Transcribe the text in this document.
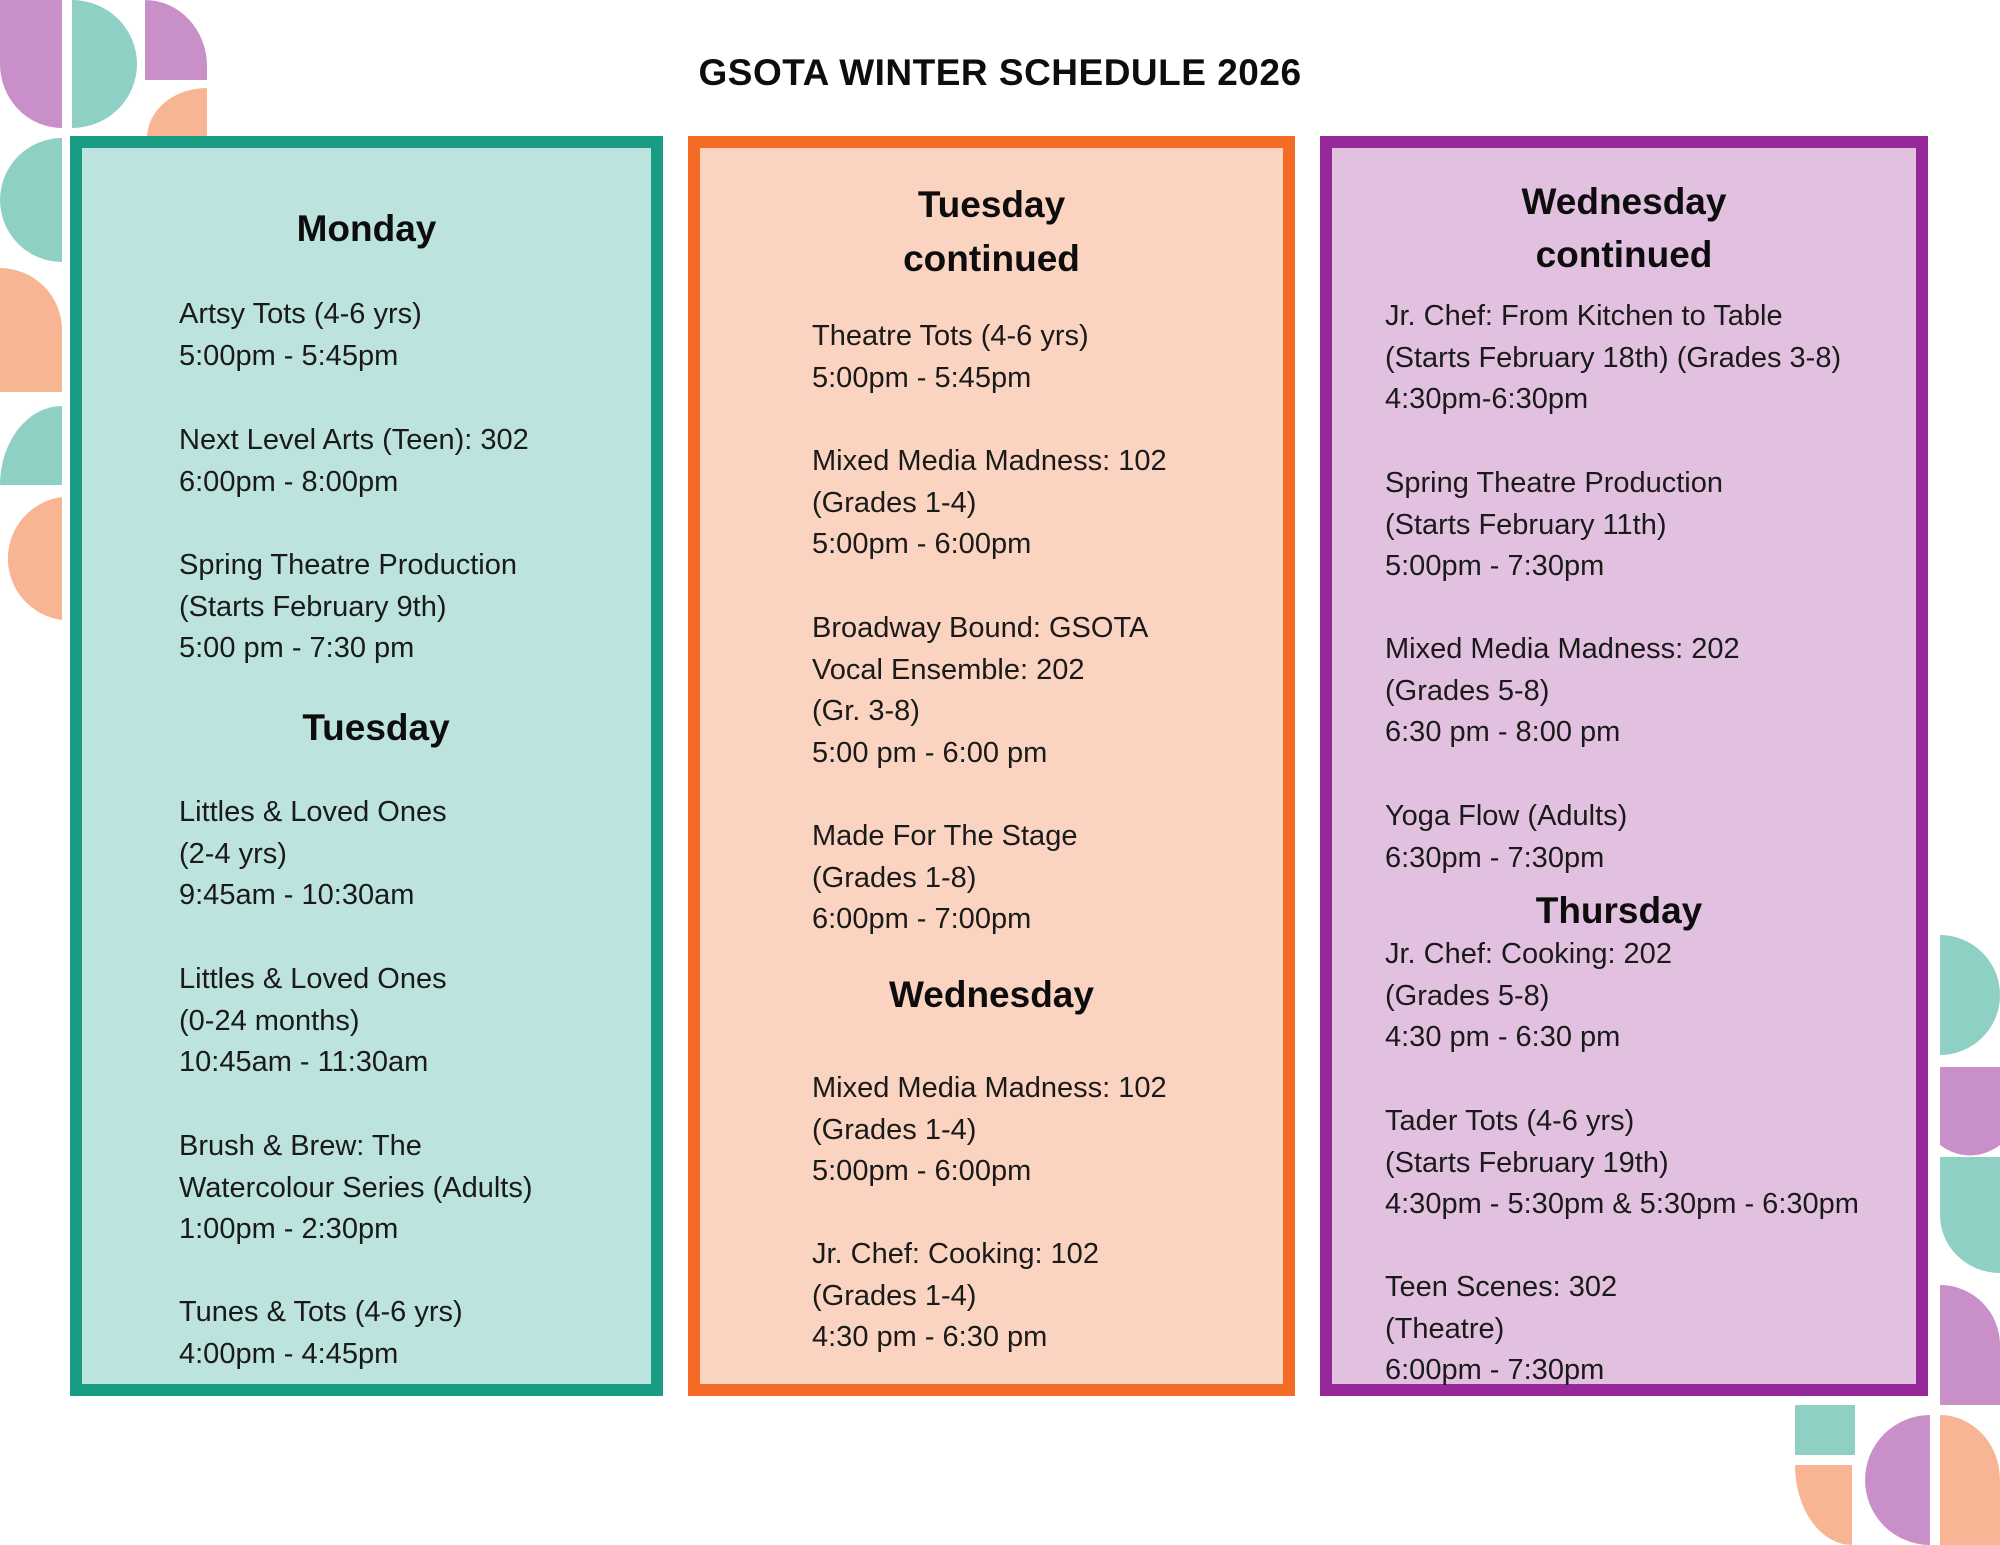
GSOTA WINTER SCHEDULE 2026

Monday

Artsy Tots (4-6 yrs)
5:00pm - 5:45pm
Next Level Arts (Teen): 302
6:00pm - 8:00pm
Spring Theatre Production
(Starts February 9th)
5:00 pm - 7:30 pm

Tuesday

Littles & Loved Ones
(2-4 yrs)
9:45am - 10:30am
Littles & Loved Ones
(0-24 months)
10:45am - 11:30am
Brush & Brew: The
Watercolour Series (Adults)
1:00pm - 2:30pm
Tunes & Tots (4-6 yrs)
4:00pm - 4:45pm
Tuesday
continued
Theatre Tots (4-6 yrs)
5:00pm - 5:45pm
Mixed Media Madness: 102
(Grades 1-4)
5:00pm - 6:00pm
Broadway Bound: GSOTA
Vocal Ensemble: 202
(Gr. 3-8)
5:00 pm - 6:00 pm
Made For The Stage
(Grades 1-8)
6:00pm - 7:00pm

Wednesday

Mixed Media Madness: 102
(Grades 1-4)
5:00pm - 6:00pm
Jr. Chef: Cooking: 102
(Grades 1-4)
4:30 pm - 6:30 pm
Wednesday
continued
Jr. Chef: From Kitchen to Table
(Starts February 18th) (Grades 3-8)
4:30pm-6:30pm
Spring Theatre Production
(Starts February 11th)
5:00pm - 7:30pm
Mixed Media Madness: 202
(Grades 5-8)
6:30 pm - 8:00 pm
Yoga Flow (Adults)
6:30pm - 7:30pm

Thursday

Jr. Chef: Cooking: 202
(Grades 5-8)
4:30 pm - 6:30 pm
Tader Tots (4-6 yrs)
(Starts February 19th)
4:30pm - 5:30pm & 5:30pm - 6:30pm
Teen Scenes: 302
(Theatre)
6:00pm - 7:30pm
